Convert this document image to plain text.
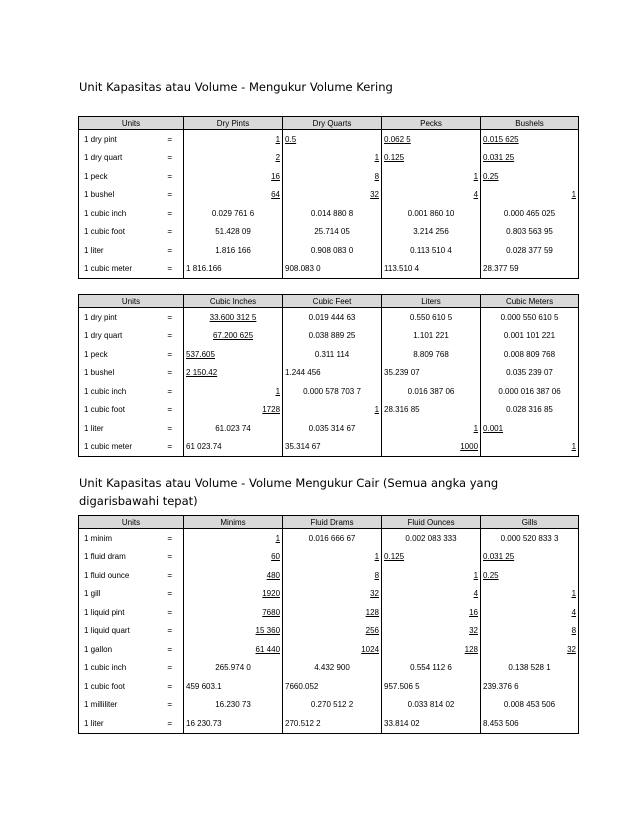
Unit Kapasitas atau Volume - Mengukur Volume Kering
Units		Dry Pints	Dry Quarts	Pecks	Bushels
1 dry pint	=	1	0.5	0.062 5	0.015 625
1 dry quart	=	2	1	0.125	0.031 25
1 peck	=	16	8	1	0.25
1 bushel	=	64	32	4	1
1 cubic inch	=	0.029 761 6	0.014 880 8	0.001 860 10	0.000 465 025
1 cubic foot	=	51.428 09	25.714 05	3.214 256	0.803 563 95
1 liter	=	1.816 166	0.908 083 0	0.113 510 4	0.028 377 59
1 cubic meter	=	1 816.166	908.083 0	113.510 4	28.377 59
Units		Cubic Inches	Cubic Feet	Liters	Cubic Meters
1 dry pint	=	33.600 312 5	0.019 444 63	0.550 610 5	0.000 550 610 5
1 dry quart	=	67.200 625	0.038 889 25	1.101 221	0.001 101 221
1 peck	=	537.605	0.311 114	8.809 768	0.008 809 768
1 bushel	=	2 150.42	1.244 456	35.239 07	0.035 239 07
1 cubic inch	=	1	0.000 578 703 7	0.016 387 06	0.000 016 387 06
1 cubic foot	=	1728	1	28.316 85	0.028 316 85
1 liter	=	61.023 74	0.035 314 67	1	0.001
1 cubic meter	=	61 023.74	35.314 67	1000	1
Unit Kapasitas atau Volume - Volume Mengukur Cair (Semua angka yang
digarisbawahi tepat)
Units		Minims	Fluid Drams	Fluid Ounces	Gills
1 minim	=	1	0.016 666 67	0.002 083 333	0.000 520 833 3
1 fluid dram	=	60	1	0.125	0.031 25
1 fluid ounce	=	480	8	1	0.25
1 gill	=	1920	32	4	1
1 liquid pint	=	7680	128	16	4
1 liquid quart	=	15 360	256	32	8
1 gallon	=	61 440	1024	128	32
1 cubic inch	=	265.974 0	4.432 900	0.554 112 6	0.138 528 1
1 cubic foot	=	459 603.1	7660.052	957.506 5	239.376 6
1 milliliter	=	16.230 73	0.270 512 2	0.033 814 02	0.008 453 506
1 liter	=	16 230.73	270.512 2	33.814 02	8.453 506
